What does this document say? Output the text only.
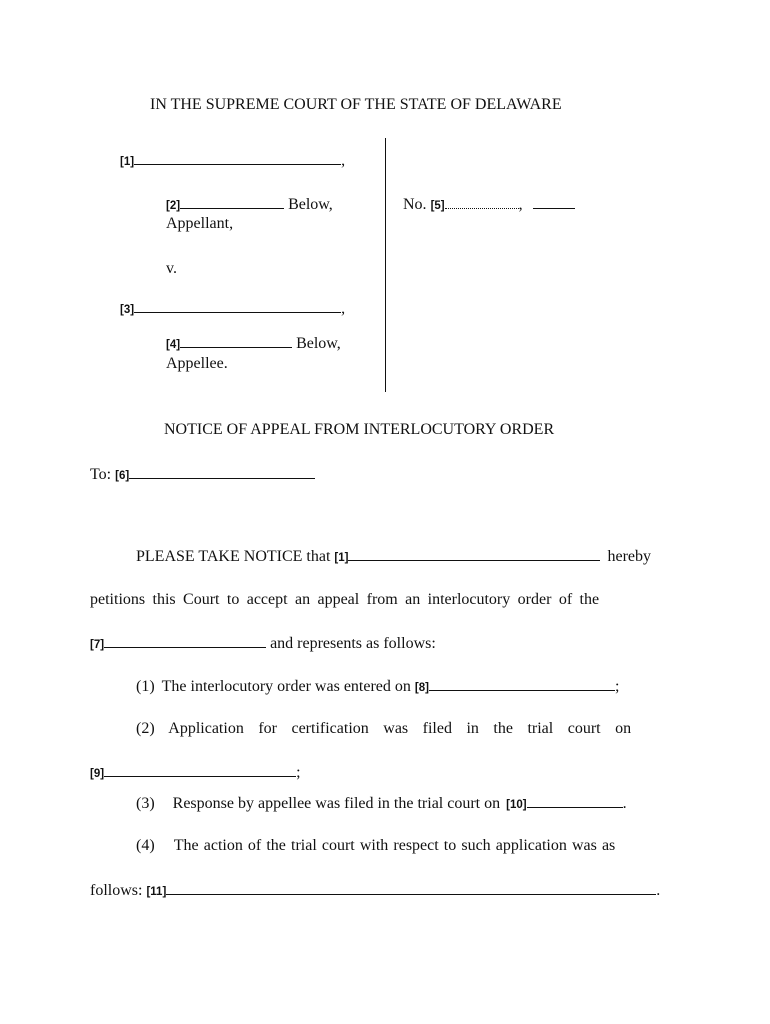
IN THE SUPREME COURT OF THE STATE OF DELAWARE
[1]	,
[2]	Below,
Appellant,
v.
[3]	,
[4]	Below,
Appellee.
No. [5]	,
NOTICE OF APPEAL FROM INTERLOCUTORY ORDER
To: [6]
PLEASE TAKE NOTICE that [1]	hereby
petitions this Court to accept an appeal from an interlocutory order of the
[7]	and represents as follows:
(1) The interlocutory order was entered on [8]	;
(2) Application for certification was filed in the trial court on
[9]	;
(3) Response by appellee was filed in the trial court on [10]	.
(4) The action of the trial court with respect to such application was as
follows: [11]	.
